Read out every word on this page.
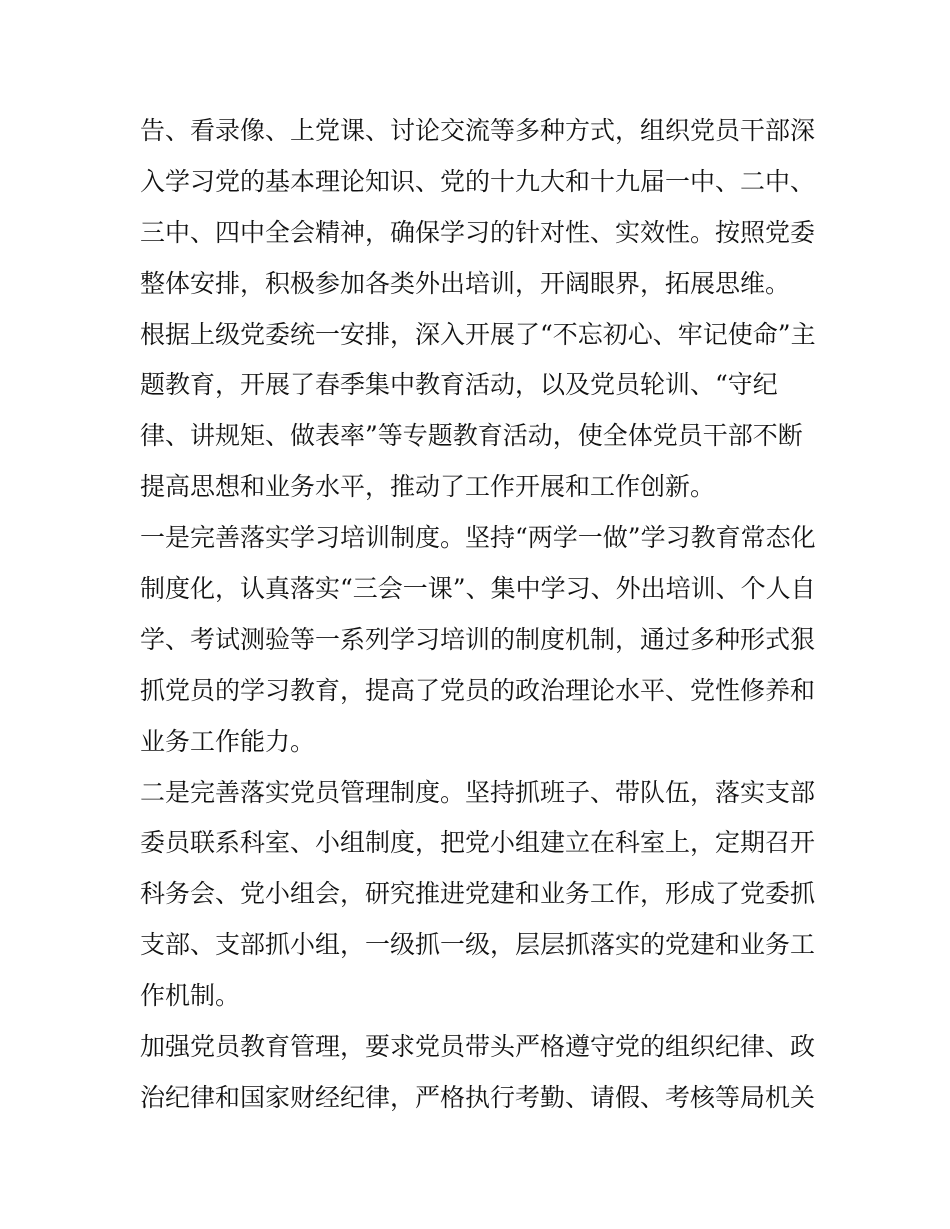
告、看录像、上党课、讨论交流等多种方式，组织党员干部深
入学习党的基本理论知识、党的十九大和十九届一中、二中、
三中、四中全会精神，确保学习的针对性、实效性。按照党委
整体安排，积极参加各类外出培训，开阔眼界，拓展思维。
根据上级党委统一安排，深入开展了“不忘初心、牢记使命”主
题教育，开展了春季集中教育活动，以及党员轮训、“守纪
律、讲规矩、做表率”等专题教育活动，使全体党员干部不断
提高思想和业务水平，推动了工作开展和工作创新。
一是完善落实学习培训制度。坚持“两学一做”学习教育常态化
制度化，认真落实“三会一课”、集中学习、外出培训、个人自
学、考试测验等一系列学习培训的制度机制，通过多种形式狠
抓党员的学习教育，提高了党员的政治理论水平、党性修养和
业务工作能力。
二是完善落实党员管理制度。坚持抓班子、带队伍，落实支部
委员联系科室、小组制度，把党小组建立在科室上，定期召开
科务会、党小组会，研究推进党建和业务工作，形成了党委抓
支部、支部抓小组，一级抓一级，层层抓落实的党建和业务工
作机制。
加强党员教育管理，要求党员带头严格遵守党的组织纪律、政
治纪律和国家财经纪律，严格执行考勤、请假、考核等局机关
